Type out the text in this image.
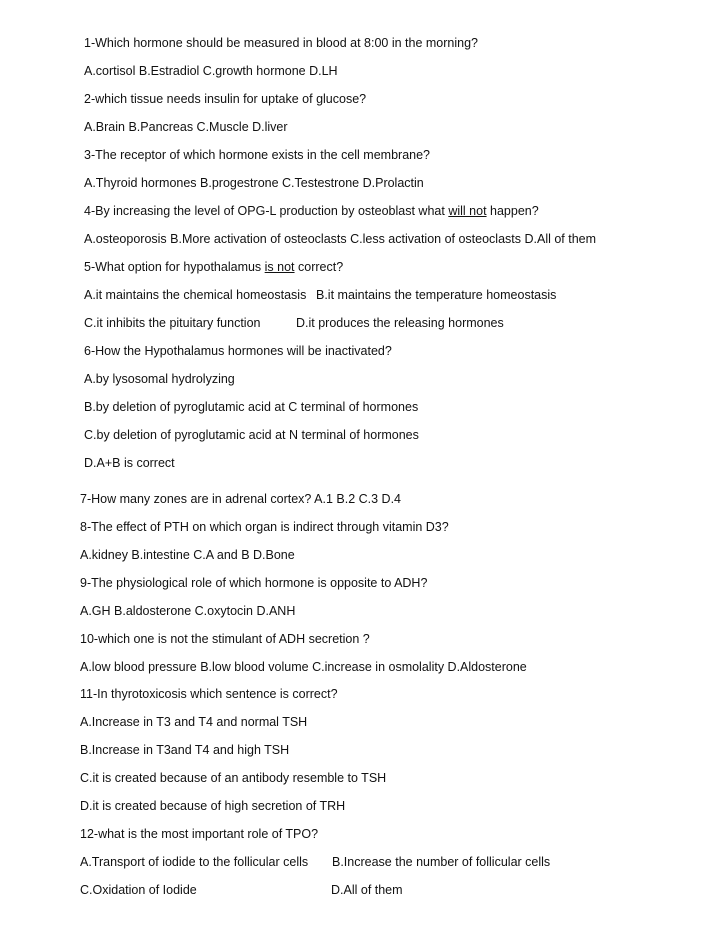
1-Which hormone should be measured in blood at 8:00 in the morning?
A.cortisol B.Estradiol C.growth hormone D.LH
2-which tissue needs insulin for uptake of glucose?
A.Brain B.Pancreas C.Muscle D.liver
3-The receptor of which hormone exists in the cell membrane?
A.Thyroid hormones B.progestrone C.Testestrone D.Prolactin
4-By increasing the level of OPG-L production by osteoblast what will not happen?
A.osteoporosis B.More activation of osteoclasts C.less activation of osteoclasts D.All of them
5-What option for hypothalamus is not correct?
A.it maintains the chemical homeostasis B.it maintains the temperature homeostasis
C.it inhibits the pituitary function	D.it produces the releasing hormones
6-How the Hypothalamus hormones will be inactivated?
A.by lysosomal hydrolyzing
B.by deletion of pyroglutamic acid at C terminal of hormones
C.by deletion of pyroglutamic acid at N terminal of hormones
D.A+B is correct
7-How many zones are in adrenal cortex? A.1 B.2 C.3 D.4
8-The effect of PTH on which organ is indirect through vitamin D3?
A.kidney B.intestine C.A and B D.Bone
9-The physiological role of which hormone is opposite to ADH?
A.GH B.aldosterone C.oxytocin D.ANH
10-which one is not the stimulant of ADH secretion ?
A.low blood pressure B.low blood volume C.increase in osmolality D.Aldosterone
11-In thyrotoxicosis which sentence is correct?
A.Increase in T3 and T4 and normal TSH
B.Increase in T3and T4 and high TSH
C.it is created because of an antibody resemble to TSH
D.it is created because of high secretion of TRH
12-what is the most important role of TPO?
A.Transport of iodide to the follicular cells B.Increase the number of follicular cells
C.Oxidation of Iodide	D.All of them
